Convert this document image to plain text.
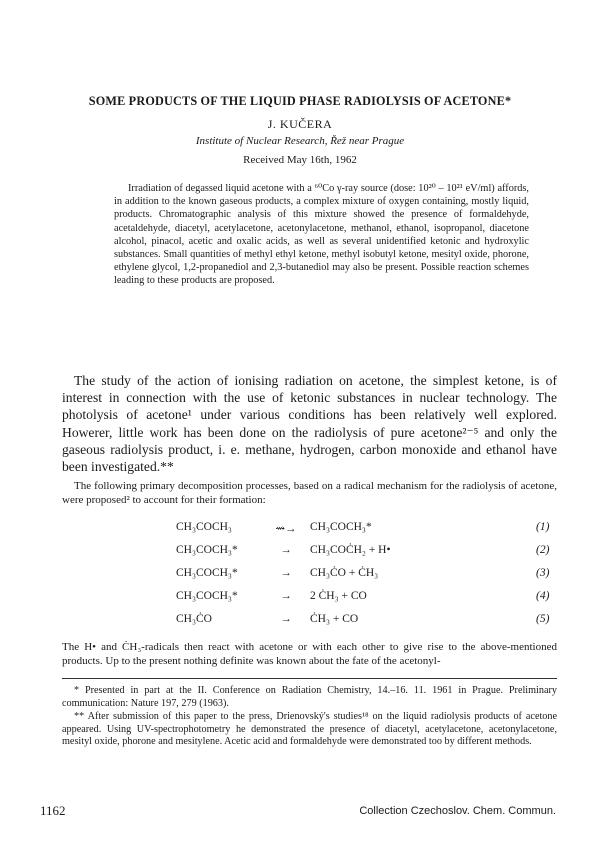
SOME PRODUCTS OF THE LIQUID PHASE RADIOLYSIS OF ACETONE*
J. KUČERA
Institute of Nuclear Research, Řež near Prague
Received May 16th, 1962

Irradiation of degassed liquid acetone with a ⁶⁰Co γ-ray source (dose: 10²⁰ – 10²¹ eV/ml) affords, in addition to the known gaseous products, a complex mixture of oxygen containing, mostly liquid, products. Chromatographic analysis of this mixture showed the presence of formaldehyde, acetaldehyde, diacetyl, acetylacetone, acetonylacetone, methanol, ethanol, isopropanol, diacetone alcohol, pinacol, acetic and oxalic acids, as well as several unidentified ketonic and hydroxylic substances. Small quantities of methyl ethyl ketone, methyl isobutyl ketone, mesityl oxide, phorone, ethylene glycol, 1,2-propanediol and 2,3-butanediol may also be present. Possible reaction schemes leading to these products are proposed.

The study of the action of ionising radiation on acetone, the simplest ketone, is of interest in connection with the use of ketonic substances in nuclear technology. The photolysis of acetone¹ under various conditions has been relatively well explored. Howerer, little work has been done on the radiolysis of pure acetone²⁻⁵ and only the gaseous radiolysis product, i. e. methane, hydrogen, carbon monoxide and ethanol have been investigated.**

The following primary decomposition processes, based on a radical mechanism for the radiolysis of acetone, were proposed² to account for their formation:

CH₃COCH₃	⇝→ CH₃COCH₃*	(1)
CH₃COCH₃*	→	CH₃COĊH₂ + H•	(2)
CH₃COCH₃*	→	CH₃ĊO + ĊH₃	(3)
CH₃COCH₃*	→	2 ĊH₃ + CO	(4)
CH₃ĊO	→	ĊH₃ + CO	(5)

The H• and ĊH₃-radicals then react with acetone or with each other to give rise to the above-mentioned products. Up to the present nothing definite was known about the fate of the acetonyl-

* Presented in part at the II. Conference on Radiation Chemistry, 14.–16. 11. 1961 in Prague. Preliminary communication: Nature 197, 279 (1963).

** After submission of this paper to the press, Drienovský's studies¹⁸ on the liquid radiolysis products of acetone appeared. Using UV-spectrophotometry he demonstrated the presence of diacetyl, acetylacetone, acetonylacetone, mesityl oxide, phorone and mesitylene. Acetic acid and formaldehyde were demonstrated too by different methods.

1162	Collection Czechoslov. Chem. Commun.
